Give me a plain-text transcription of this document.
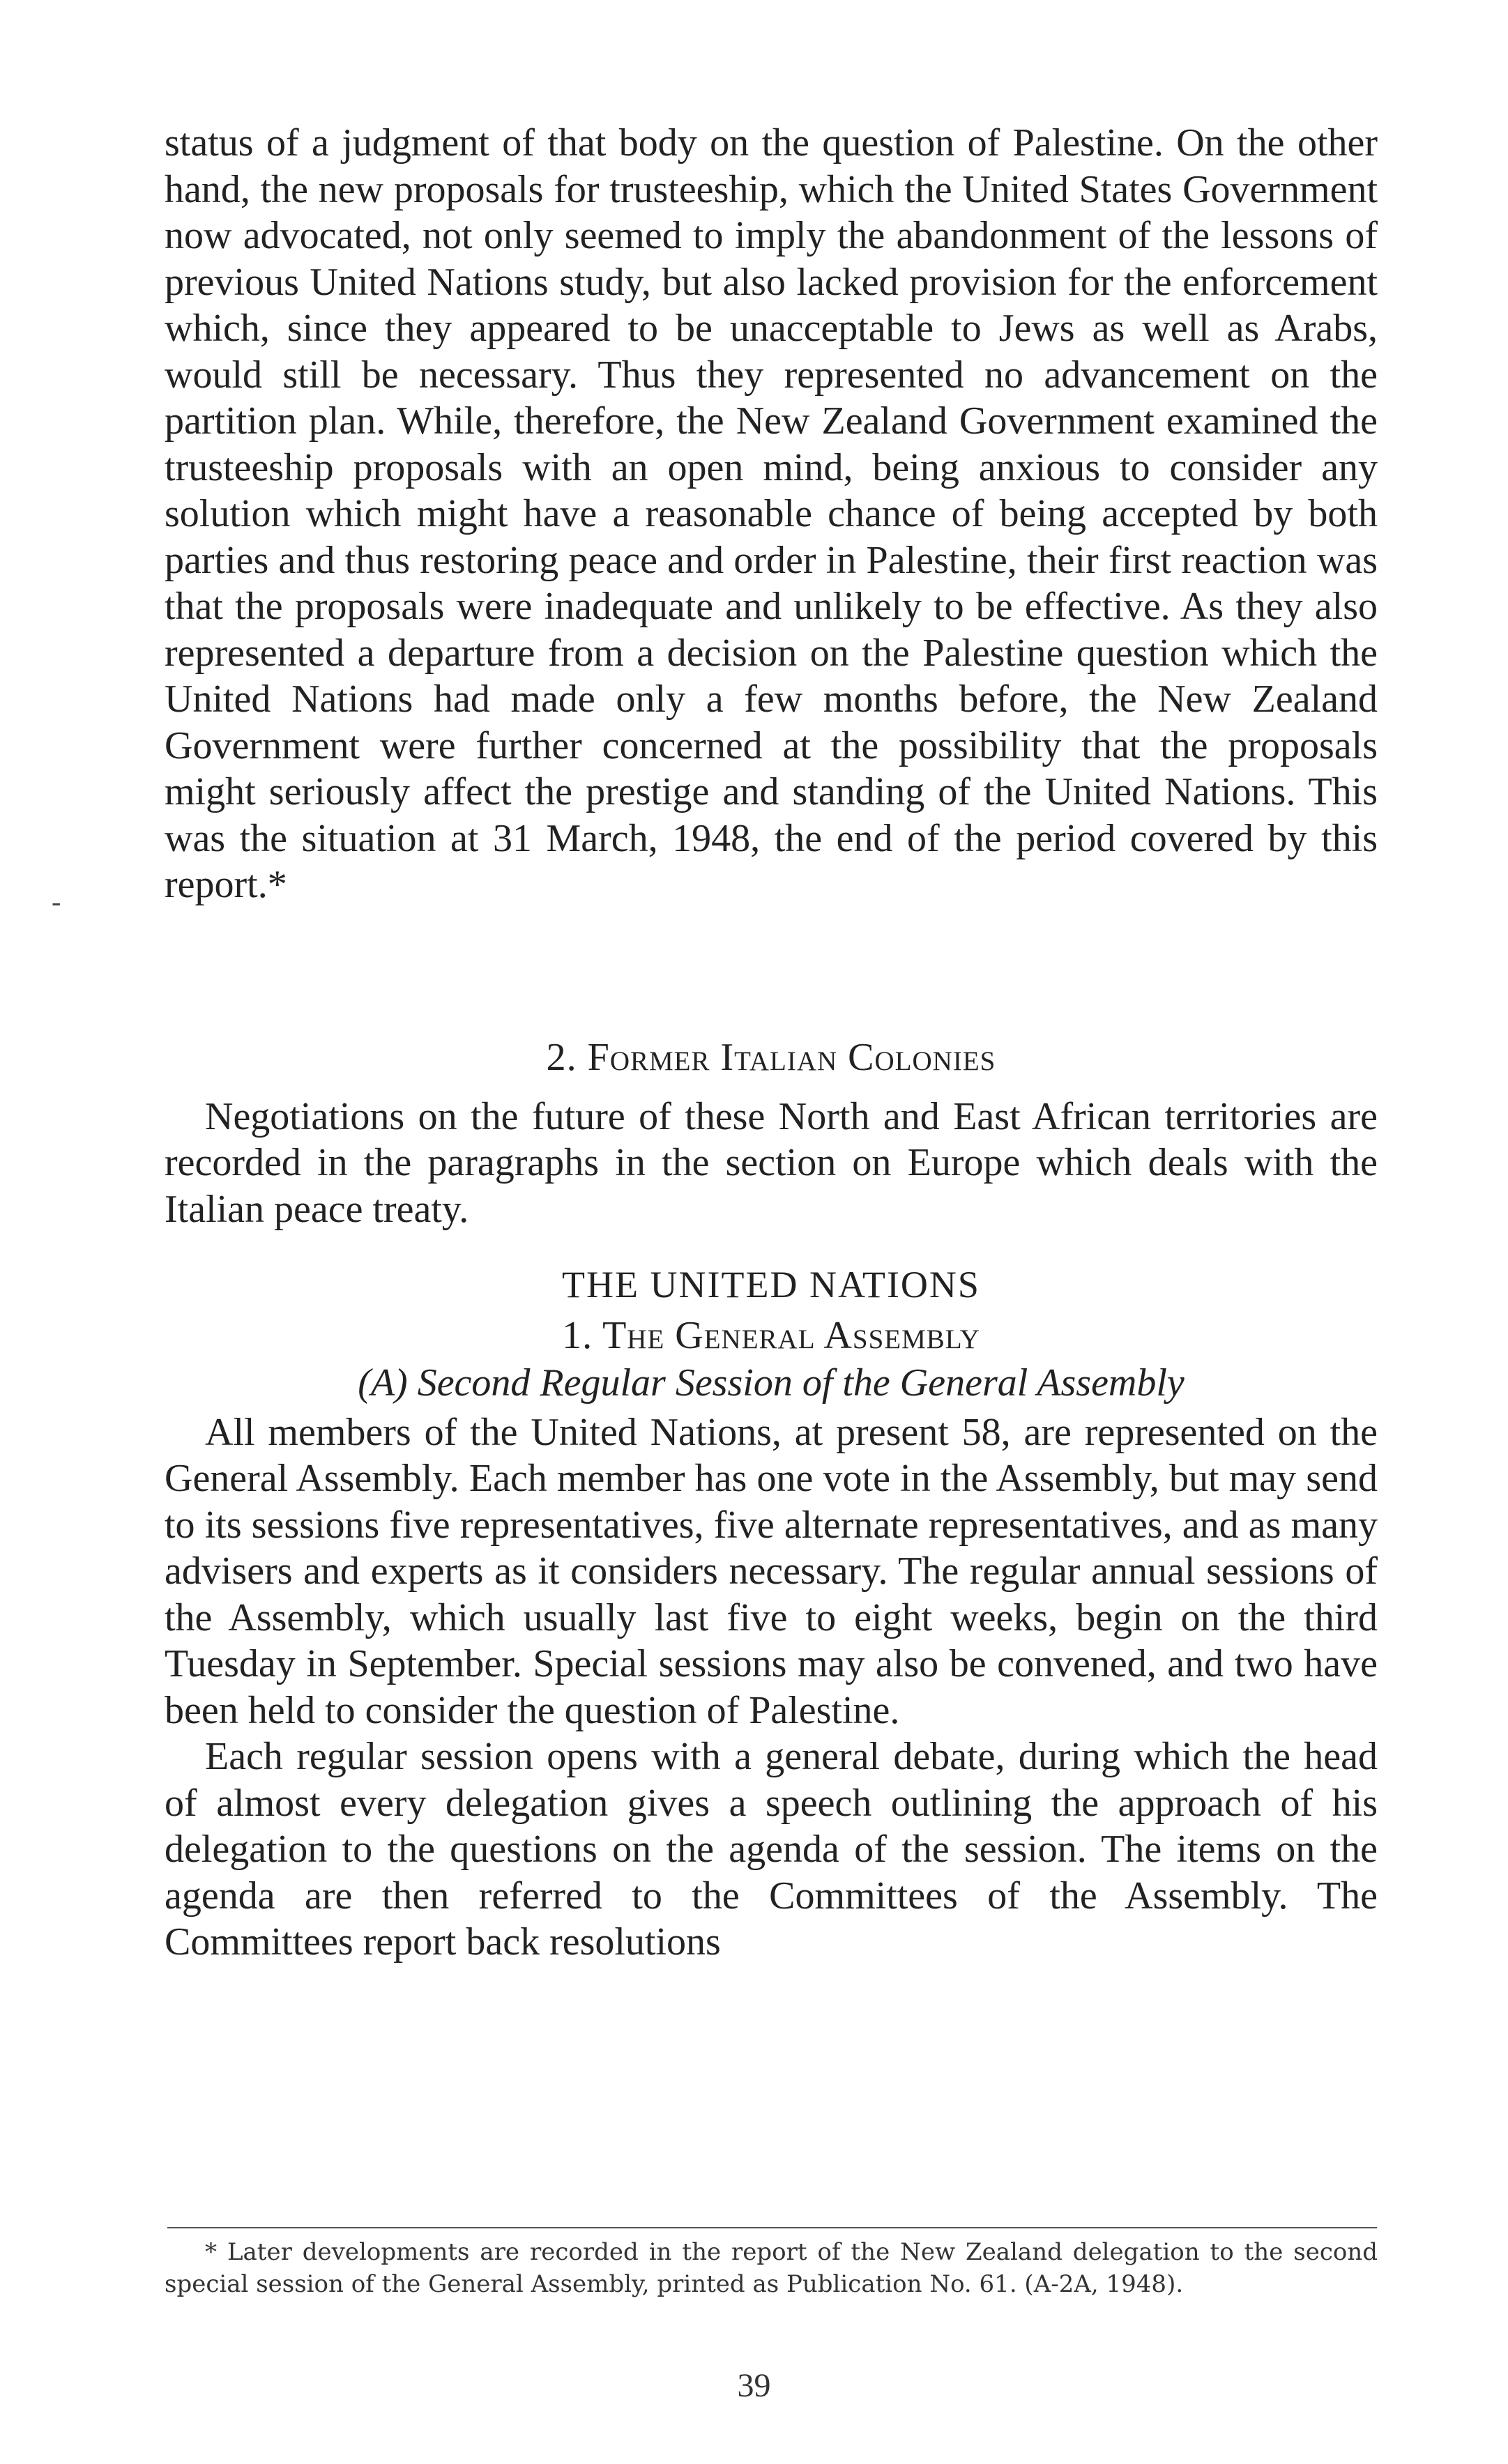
-

status of a judgment of that body on the question of Palestine. On the other hand, the new proposals for trusteeship, which the United States Government now advocated, not only seemed to imply the abandonment of the lessons of previous United Nations study, but also lacked provision for the enforcement which, since they appeared to be unacceptable to Jews as well as Arabs, would still be necessary. Thus they represented no advancement on the partition plan. While, therefore, the New Zealand Government examined the trusteeship proposals with an open mind, being anxious to consider any solution which might have a reasonable chance of being accepted by both parties and thus restoring peace and order in Palestine, their first reaction was that the proposals were inadequate and unlikely to be effective. As they also represented a departure from a decision on the Palestine question which the United Nations had made only a few months before, the New Zealand Government were further concerned at the possibility that the proposals might seriously affect the prestige and standing of the United Nations. This was the situation at 31 March, 1948, the end of the period covered by this report.*

2. Former Italian Colonies

Negotiations on the future of these North and East African territories are recorded in the paragraphs in the section on Europe which deals with the Italian peace treaty.

THE UNITED NATIONS

1. The General Assembly

(A) Second Regular Session of the General Assembly

All members of the United Nations, at present 58, are represented on the General Assembly. Each member has one vote in the Assembly, but may send to its sessions five representatives, five alternate representatives, and as many advisers and experts as it considers necessary. The regular annual sessions of the Assembly, which usually last five to eight weeks, begin on the third Tuesday in September. Special sessions may also be convened, and two have been held to consider the question of Palestine.

Each regular session opens with a general debate, during which the head of almost every delegation gives a speech outlining the approach of his delegation to the questions on the agenda of the session. The items on the agenda are then referred to the Committees of the Assembly. The Committees report back resolutions

* Later developments are recorded in the report of the New Zealand delegation to the second special session of the General Assembly, printed as Publication No. 61. (A-2A, 1948).

39
